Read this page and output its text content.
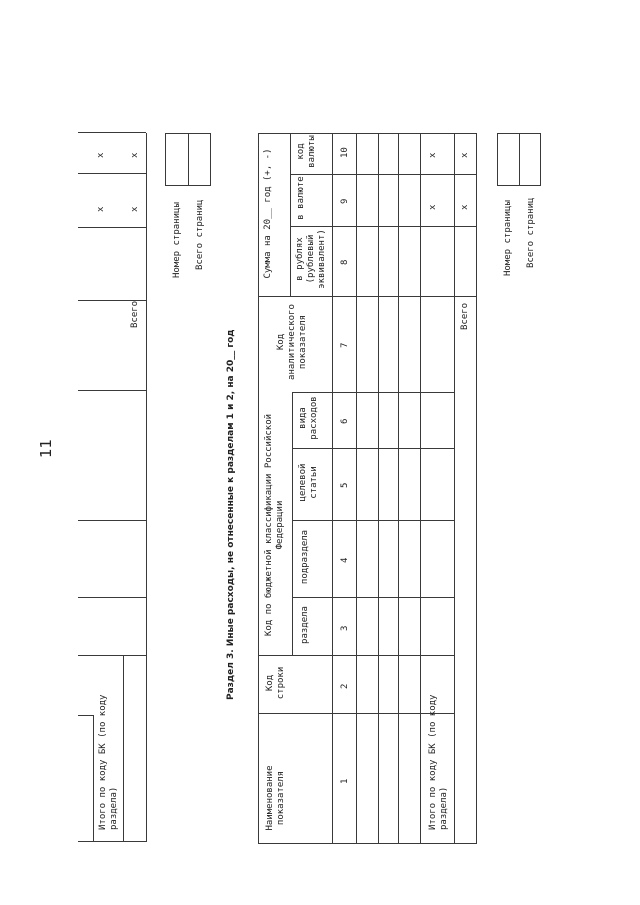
11
Итого по коду БК (по коду раздела)
Всего
x
x
x
x	Номер страницы Всего страниц
Раздел 3. Иные расходы, не отнесенные к разделам 1 и 2, на 20__ год
Наименование показателя
Код строки
Код по бюджетной классификации Российской Федерации
раздела
подраздела
целевой статьи
вида расходов
Код аналитического показателя
Сумма на 20__ год (+, -) в рублях (рублевый эквивалент)
в валюте
код валюты
1
2
3
4
5
6
7
8
9
10
Итого по коду БК (по коду раздела)
Всего
x
x
x
x
Номер страницы Всего страниц
